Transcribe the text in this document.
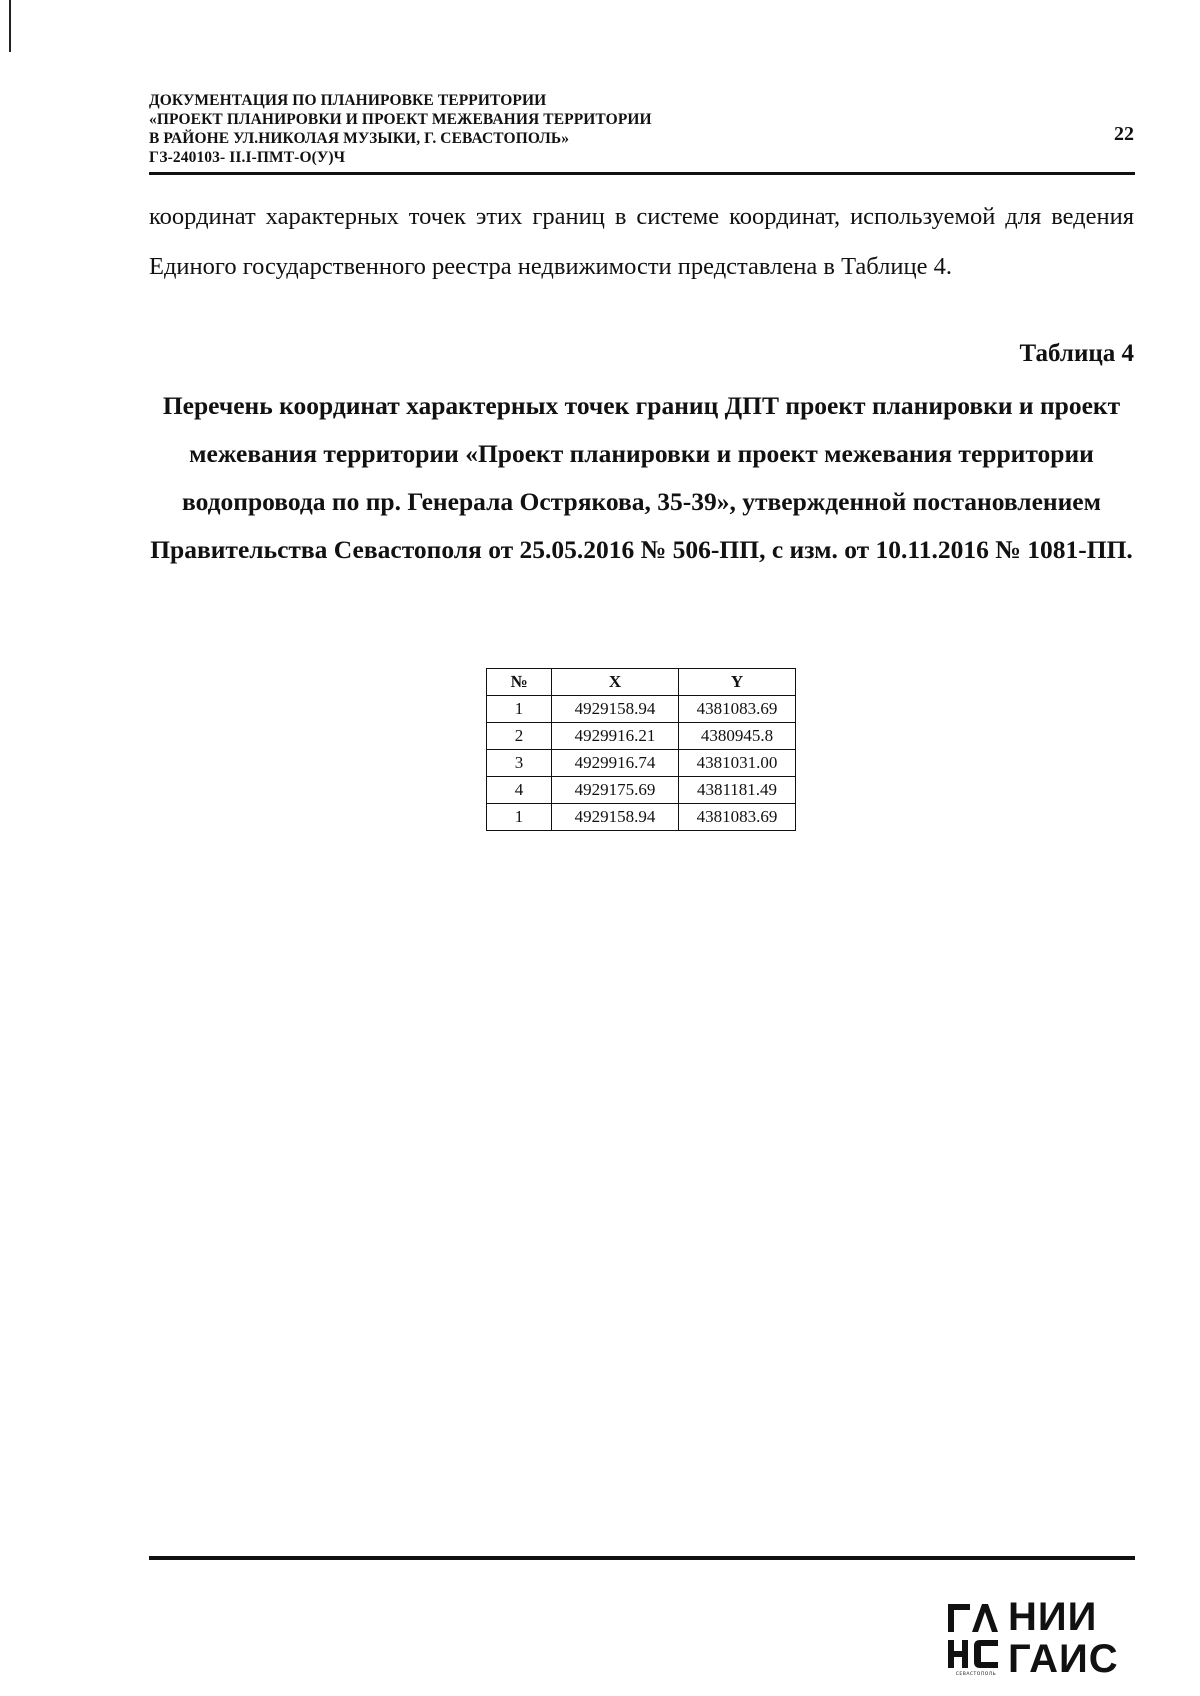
ДОКУМЕНТАЦИЯ ПО ПЛАНИРОВКЕ ТЕРРИТОРИИ
«ПРОЕКТ ПЛАНИРОВКИ И ПРОЕКТ МЕЖЕВАНИЯ ТЕРРИТОРИИ
В РАЙОНЕ УЛ.НИКОЛАЯ МУЗЫКИ, Г. СЕВАСТОПОЛЬ»
ГЗ-240103- II.I-ПМТ-О(У)Ч
22
координат характерных точек этих границ в системе координат, используемой для ведения Единого государственного реестра недвижимости представлена в Таблице 4.
Таблица 4
Перечень координат характерных точек границ ДПТ проект планировки и проект межевания территории «Проект планировки и проект межевания территории водопровода по пр. Генерала Острякова, 35-39», утвержденной постановлением Правительства Севастополя от 25.05.2016 № 506-ПП, с изм. от 10.11.2016 № 1081-ПП.
№	X	Y
1	4929158.94	4381083.69
2	4929916.21	4380945.8
3	4929916.74	4381031.00
4	4929175.69	4381181.49
1	4929158.94	4381083.69
НИИ
ГАИС
СЕВАСТОПОЛЬ
